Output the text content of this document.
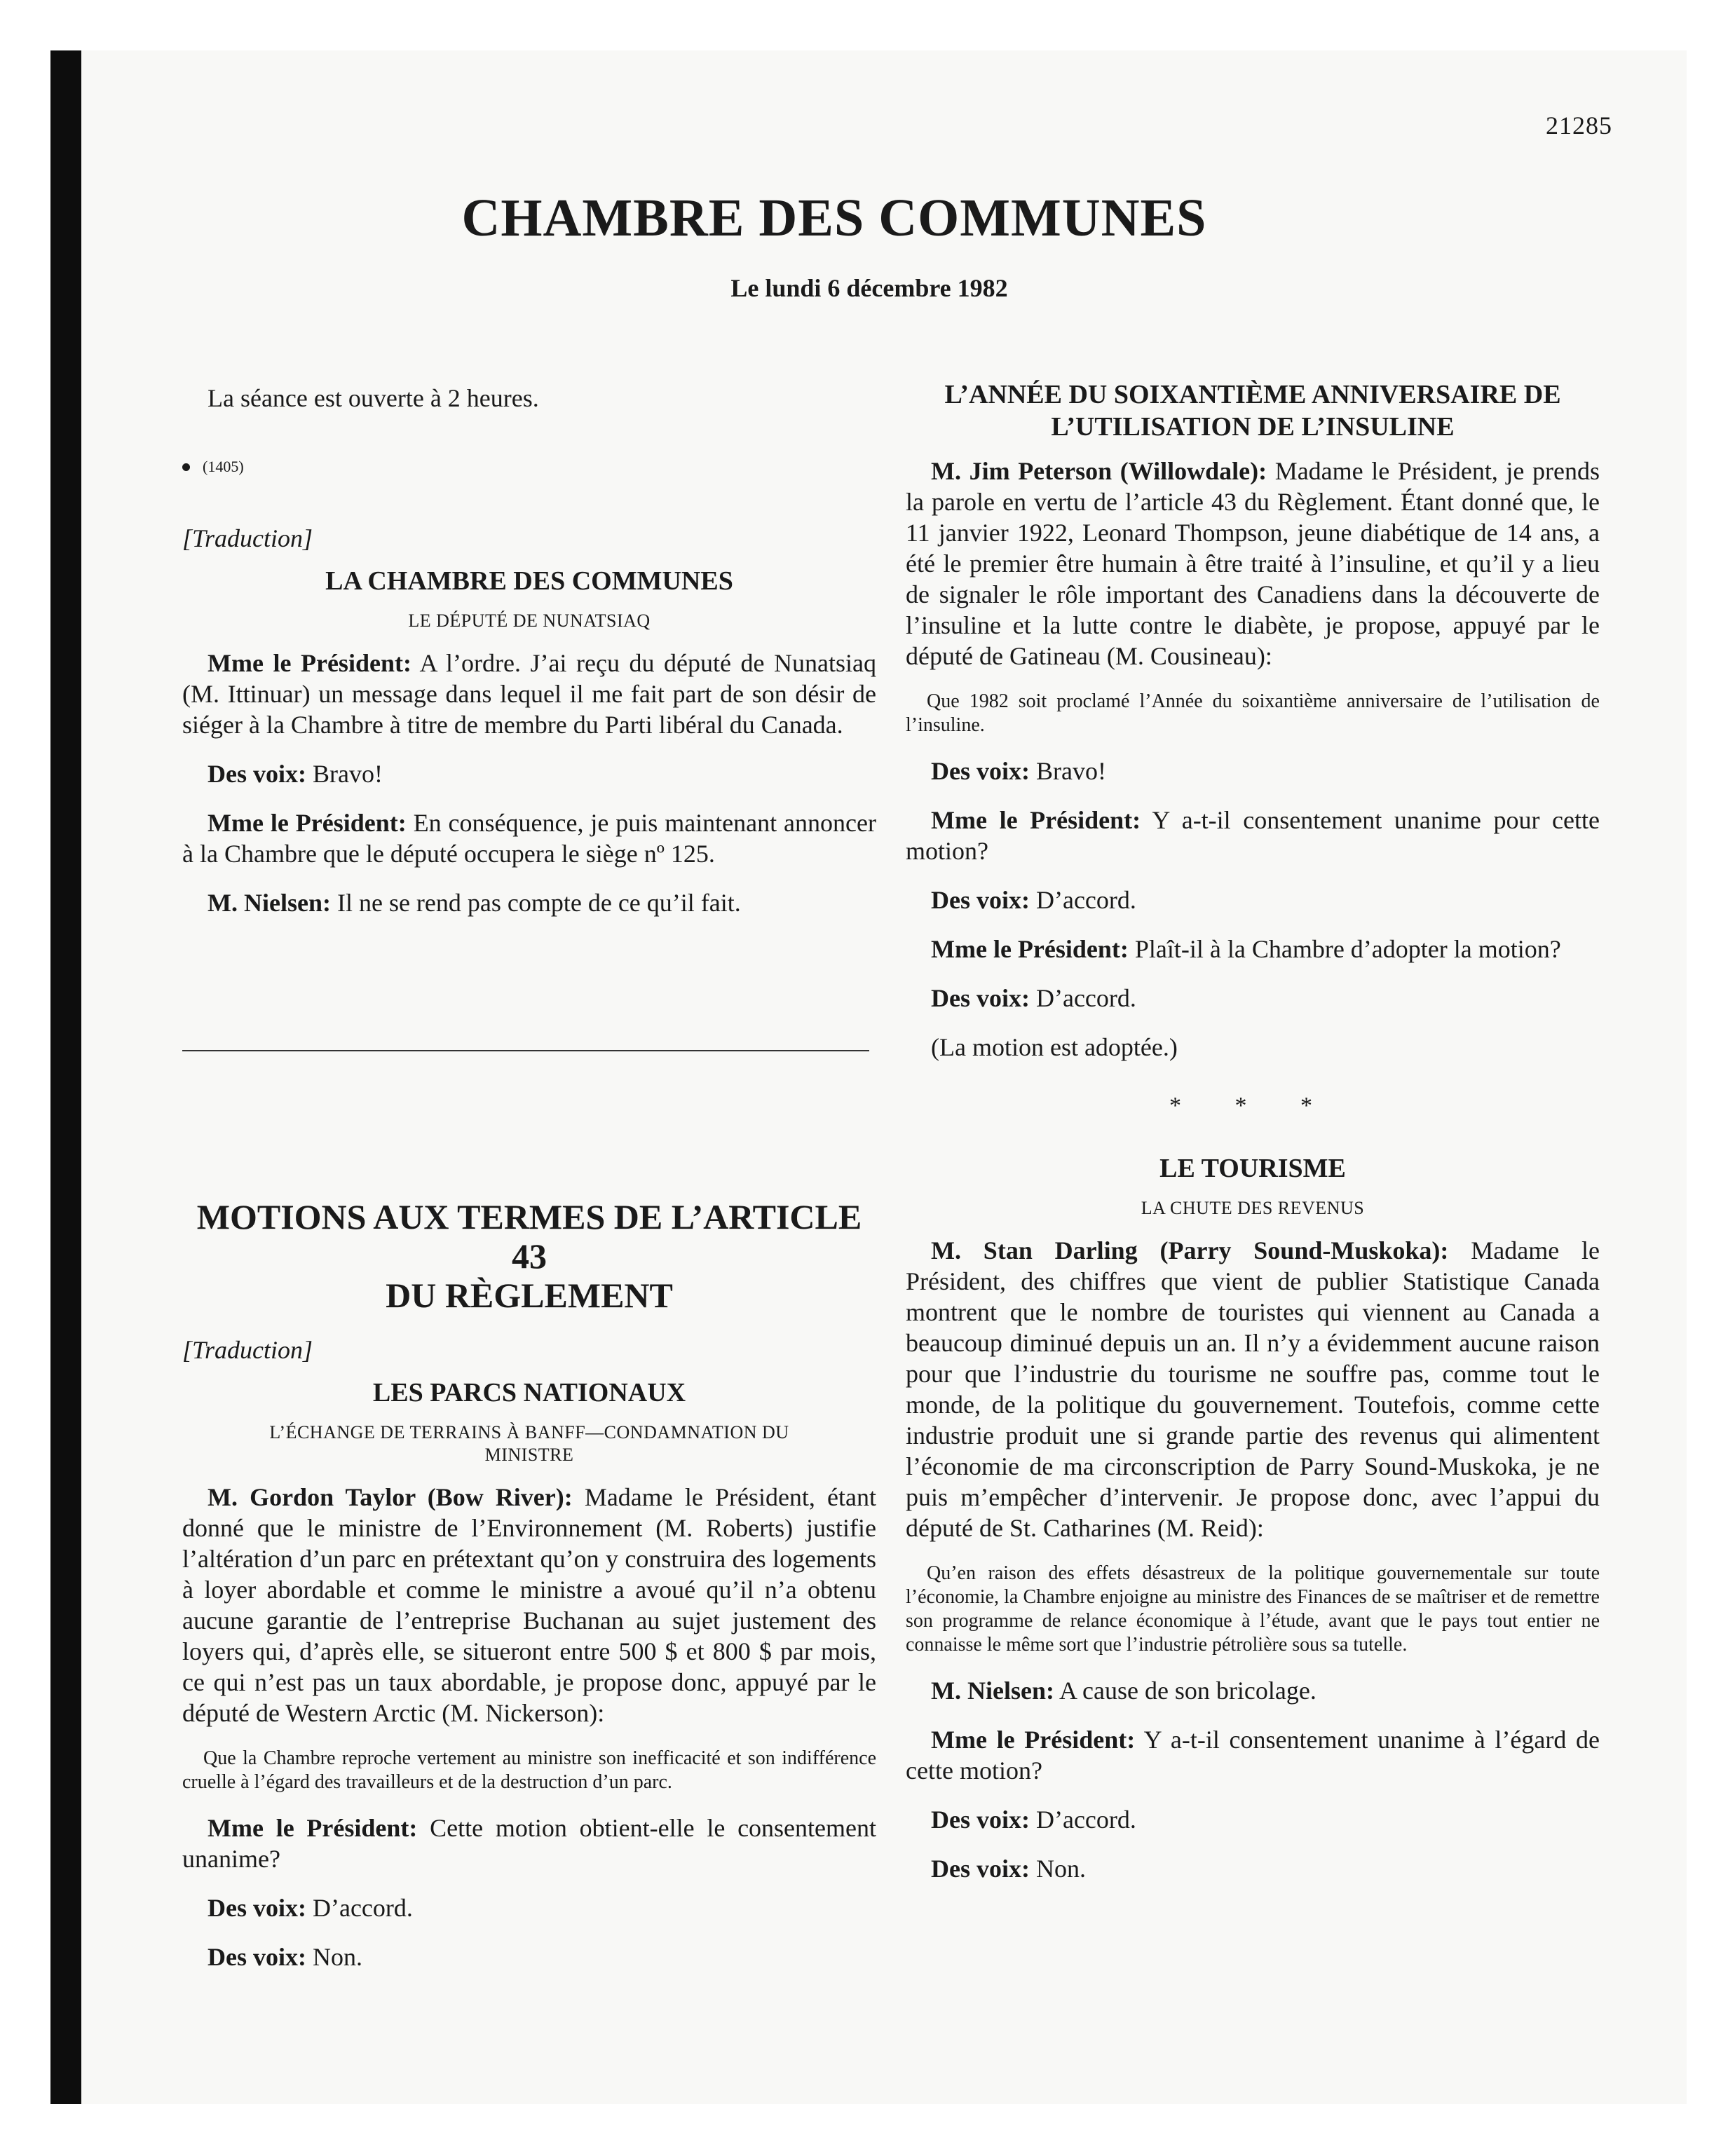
21285
CHAMBRE DES COMMUNES
Le lundi 6 décembre 1982
La séance est ouverte à 2 heures.
(1405)
[Traduction]
LA CHAMBRE DES COMMUNES
LE DÉPUTÉ DE NUNATSIAQ

Mme le Président: A l’ordre. J’ai reçu du député de Nunatsiaq (M. Ittinuar) un message dans lequel il me fait part de son désir de siéger à la Chambre à titre de membre du Parti libéral du Canada.

Des voix: Bravo!

Mme le Président: En conséquence, je puis maintenant annoncer à la Chambre que le député occupera le siège nº 125.

M. Nielsen: Il ne se rend pas compte de ce qu’il fait.

MOTIONS AUX TERMES DE L’ARTICLE 43
DU RÈGLEMENT
[Traduction]
LES PARCS NATIONAUX
L’ÉCHANGE DE TERRAINS À BANFF—CONDAMNATION DU
MINISTRE

M. Gordon Taylor (Bow River): Madame le Président, étant donné que le ministre de l’Environnement (M. Roberts) justifie l’altération d’un parc en prétextant qu’on y construira des logements à loyer abordable et comme le ministre a avoué qu’il n’a obtenu aucune garantie de l’entreprise Buchanan au sujet justement des loyers qui, d’après elle, se situeront entre 500 $ et 800 $ par mois, ce qui n’est pas un taux abordable, je propose donc, appuyé par le député de Western Arctic (M. Nickerson):

Que la Chambre reproche vertement au ministre son inefficacité et son indifférence cruelle à l’égard des travailleurs et de la destruction d’un parc.

Mme le Président: Cette motion obtient-elle le consentement unanime?

Des voix: D’accord.

Des voix: Non.

L’ANNÉE DU SOIXANTIÈME ANNIVERSAIRE DE
L’UTILISATION DE L’INSULINE

M. Jim Peterson (Willowdale): Madame le Président, je prends la parole en vertu de l’article 43 du Règlement. Étant donné que, le 11 janvier 1922, Leonard Thompson, jeune diabétique de 14 ans, a été le premier être humain à être traité à l’insuline, et qu’il y a lieu de signaler le rôle important des Canadiens dans la découverte de l’insuline et la lutte contre le diabète, je propose, appuyé par le député de Gatineau (M. Cousineau):

Que 1982 soit proclamé l’Année du soixantième anniversaire de l’utilisation de l’insuline.

Des voix: Bravo!

Mme le Président: Y a-t-il consentement unanime pour cette motion?

Des voix: D’accord.

Mme le Président: Plaît-il à la Chambre d’adopter la motion?

Des voix: D’accord.

(La motion est adoptée.)
* * *
LE TOURISME
LA CHUTE DES REVENUS

M. Stan Darling (Parry Sound-Muskoka): Madame le Président, des chiffres que vient de publier Statistique Canada montrent que le nombre de touristes qui viennent au Canada a beaucoup diminué depuis un an. Il n’y a évidemment aucune raison pour que l’industrie du tourisme ne souffre pas, comme tout le monde, de la politique du gouvernement. Toutefois, comme cette industrie produit une si grande partie des revenus qui alimentent l’économie de ma circonscription de Parry Sound-Muskoka, je ne puis m’empêcher d’intervenir. Je propose donc, avec l’appui du député de St. Catharines (M. Reid):

Qu’en raison des effets désastreux de la politique gouvernementale sur toute l’économie, la Chambre enjoigne au ministre des Finances de se maîtriser et de remettre son programme de relance économique à l’étude, avant que le pays tout entier ne connaisse le même sort que l’industrie pétrolière sous sa tutelle.

M. Nielsen: A cause de son bricolage.

Mme le Président: Y a-t-il consentement unanime à l’égard de cette motion?

Des voix: D’accord.

Des voix: Non.
